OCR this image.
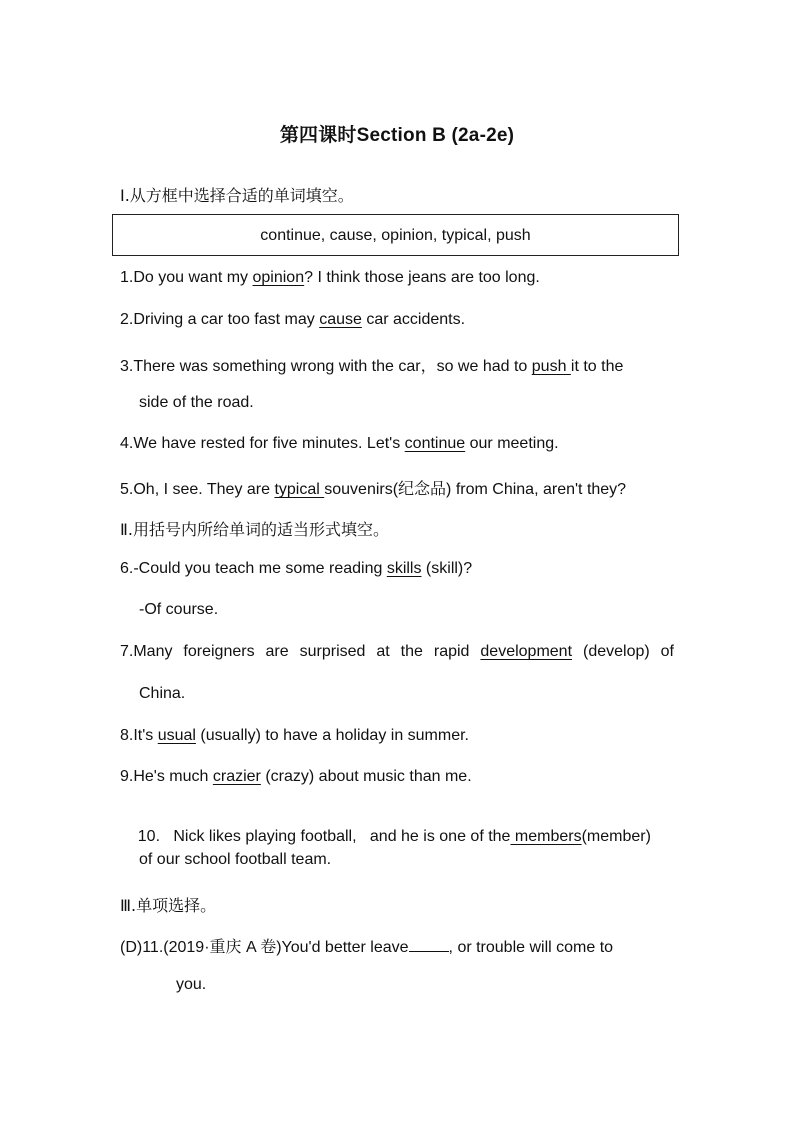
第四课时Section B (2a-2e)
Ⅰ.从方框中选择合适的单词填空。
continue, cause, opinion, typical, push
1.Do you want my opinion? I think those jeans are too long.
2.Driving a car too fast may cause car accidents.
3.There was something wrong with the car，so we had to push it to the
side of the road.
4.We have rested for five minutes. Let's continue our meeting.
5.Oh, I see. They are typical souvenirs(纪念品) from China, aren't they?
Ⅱ.用括号内所给单词的适当形式填空。
6.-Could you teach me some reading skills (skill)?
-Of course.
7.Many foreigners are surprised at the rapid development (develop) of
China.
8.It's usual (usually) to have a holiday in summer.
9.He's much crazier (crazy) about music than me.

10.   Nick likes playing football,   and he is one of the members(member)

of our school football team.
Ⅲ.单项选择。
(D)11.(2019·重庆 A 卷)You'd better leave	, or trouble will come to
you.
